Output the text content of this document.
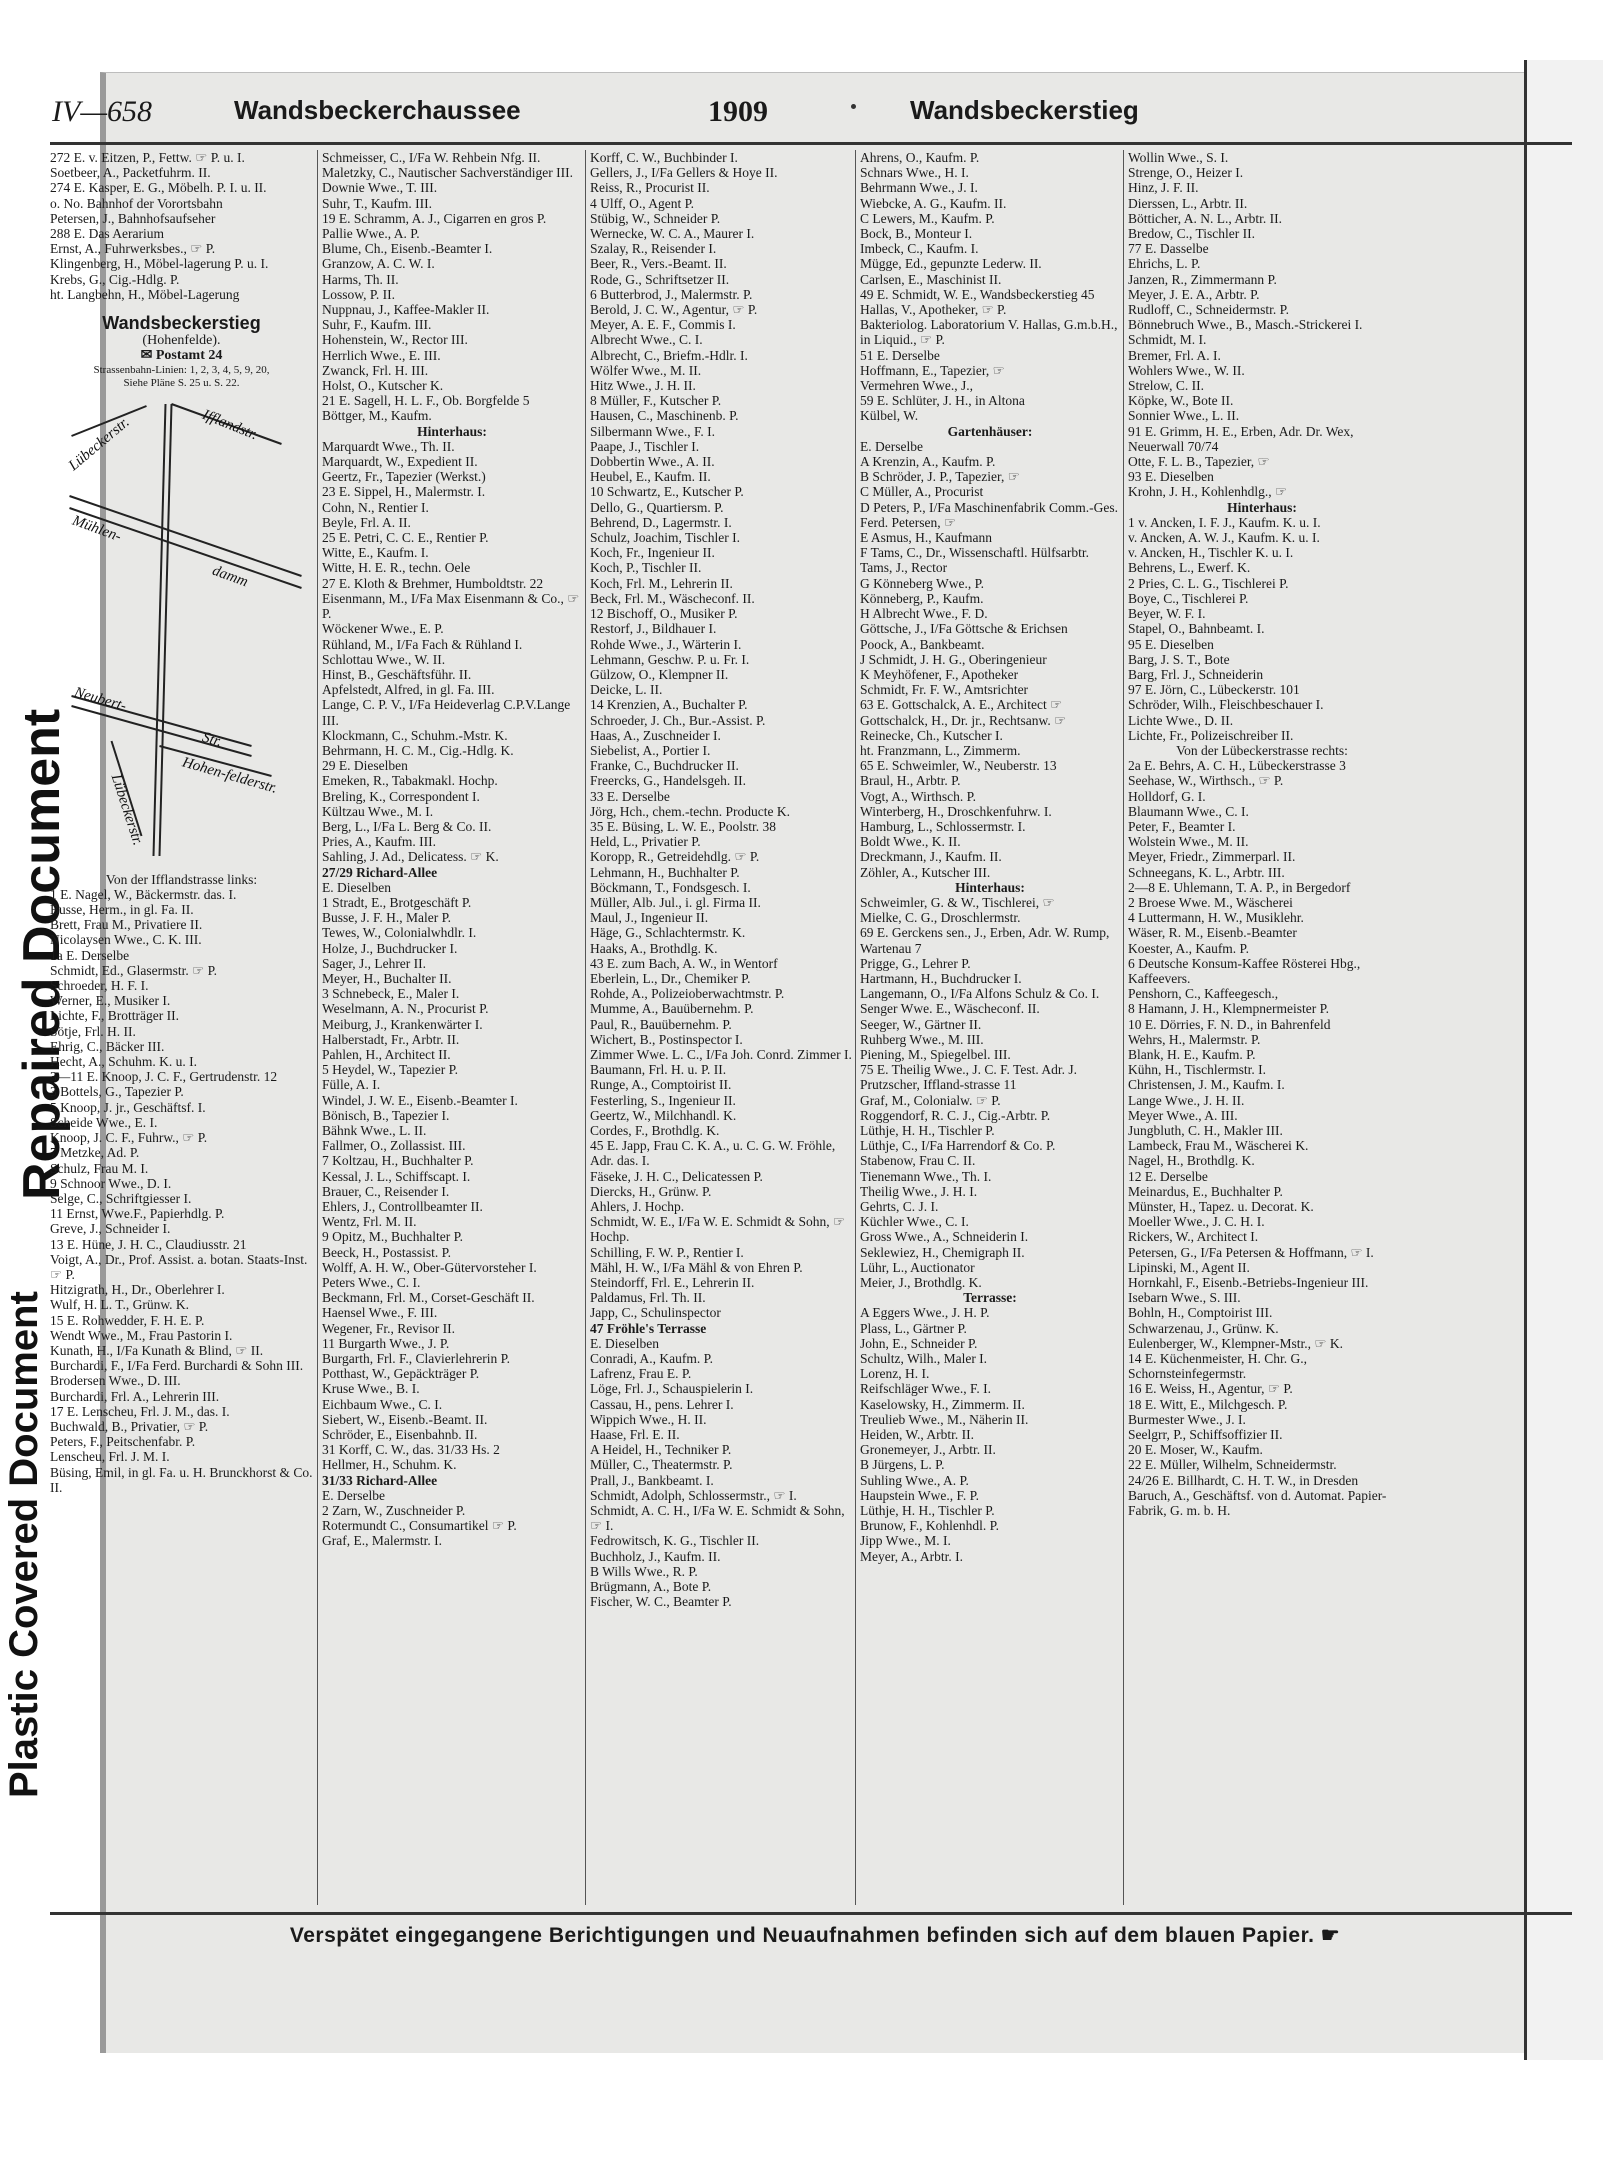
Repaired Document
Plastic Covered Document
IV—658	Wandsbeckerchaussee	1909	Wandsbeckerstieg
272 E. v. Eitzen, P., Fettw. ☞ P. u. I.
Soetbeer, A., Packetfuhrm. II.
274 E. Kasper, E. G., Möbelh. P. I. u. II.
o. No. Bahnhof der Vorortsbahn
Petersen, J., Bahnhofsaufseher
288 E. Das Aerarium
Ernst, A., Fuhrwerksbes., ☞ P.
Klingenberg, H., Möbel-lagerung P. u. I.
Krebs, G., Cig.-Hdlg. P.
ht. Langbehn, H., Möbel-Lagerung
Wandsbeckerstieg
(Hohenfelde).
✉ Postamt 24
Strassenbahn-Linien: 1, 2, 3, 4, 5, 9, 20,
Siehe Pläne S. 25 u. S. 22.
Ifflandstr.
Lübeckerstr.
Mühlen-
damm
Neubert-
Str.
Hohen-felderstr.
Lübeckerstr.
Von der Ifflandstrasse links:
1 E. Nagel, W., Bäckermstr. das. I.
Busse, Herm., in gl. Fa. II.
Brett, Frau M., Privatiere II.
Nicolaysen Wwe., C. K. III.
1a E. Derselbe
Schmidt, Ed., Glasermstr. ☞ P.
Schroeder, H. F. I.
Werner, E., Musiker I.
Lichte, F., Brotträger II.
Sötje, Frl. H. II.
Ehrig, C., Bäcker III.
Hecht, A., Schuhm. K. u. I.
3—11 E. Knoop, J. C. F., Gertrudenstr. 12
3 Bottels, G., Tapezier P.
5 Knoop, J. jr., Geschäftsf. I.
Scheide Wwe., E. I.
Knoop, J. C. F., Fuhrw., ☞ P.
7 Metzke, Ad. P.
Schulz, Frau M. I.
9 Schnoor Wwe., D. I.
Selge, C., Schriftgiesser I.
11 Ernst, Wwe.F., Papierhdlg. P.
Greve, J., Schneider I.
13 E. Hüne, J. H. C., Claudiusstr. 21
Voigt, A., Dr., Prof. Assist. a. botan. Staats-Inst. ☞ P.
Hitzigrath, H., Dr., Oberlehrer I.
Wulf, H. L. T., Grünw. K.
15 E. Rohwedder, F. H. E. P.
Wendt Wwe., M., Frau Pastorin I.
Kunath, H., I/Fa Kunath & Blind, ☞ II.
Burchardi, F., I/Fa Ferd. Burchardi & Sohn III.
Brodersen Wwe., D. III.
Burchardi, Frl. A., Lehrerin III.
17 E. Lenscheu, Frl. J. M., das. I.
Buchwald, B., Privatier, ☞ P.
Peters, F., Peitschenfabr. P.
Lenscheu, Frl. J. M. I.
Büsing, Emil, in gl. Fa. u. H. Brunckhorst & Co. II.
Schmeisser, C., I/Fa W. Rehbein Nfg. II.
Maletzky, C., Nautischer Sachverständiger III.
Downie Wwe., T. III.
Suhr, T., Kaufm. III.
19 E. Schramm, A. J., Cigarren en gros P.
Pallie Wwe., A. P.
Blume, Ch., Eisenb.-Beamter I.
Granzow, A. C. W. I.
Harms, Th. II.
Lossow, P. II.
Nuppnau, J., Kaffee-Makler II.
Suhr, F., Kaufm. III.
Hohenstein, W., Rector III.
Herrlich Wwe., E. III.
Zwanck, Frl. H. III.
Holst, O., Kutscher K.
21 E. Sagell, H. L. F., Ob. Borgfelde 5
Böttger, M., Kaufm.
Hinterhaus:
Marquardt Wwe., Th. II.
Marquardt, W., Expedient II.
Geertz, Fr., Tapezier (Werkst.)
23 E. Sippel, H., Malermstr. I.
Cohn, N., Rentier I.
Beyle, Frl. A. II.
25 E. Petri, C. C. E., Rentier P.
Witte, E., Kaufm. I.
Witte, H. E. R., techn. Oele
27 E. Kloth & Brehmer, Humboldtstr. 22
Eisenmann, M., I/Fa Max Eisenmann & Co., ☞ P.
Wöckener Wwe., E. P.
Rühland, M., I/Fa Fach & Rühland I.
Schlottau Wwe., W. II.
Hinst, B., Geschäftsführ. II.
Apfelstedt, Alfred, in gl. Fa. III.
Lange, C. P. V., I/Fa Heideverlag C.P.V.Lange III.
Klockmann, C., Schuhm.-Mstr. K.
Behrmann, H. C. M., Cig.-Hdlg. K.
29 E. Dieselben
Emeken, R., Tabakmakl. Hochp.
Breling, K., Correspondent I.
Kültzau Wwe., M. I.
Berg, L., I/Fa L. Berg & Co. II.
Pries, A., Kaufm. III.
Sahling, J. Ad., Delicatess. ☞ K.
27/29 Richard-Allee
E. Dieselben
1 Stradt, E., Brotgeschäft P.
Busse, J. F. H., Maler P.
Tewes, W., Colonialwhdlr. I.
Holze, J., Buchdrucker I.
Sager, J., Lehrer II.
Meyer, H., Buchalter II.
3 Schnebeck, E., Maler I.
Weselmann, A. N., Procurist P.
Meiburg, J., Krankenwärter I.
Halberstadt, Fr., Arbtr. II.
Pahlen, H., Architect II.
5 Heydel, W., Tapezier P.
Fülle, A. I.
Windel, J. W. E., Eisenb.-Beamter I.
Bönisch, B., Tapezier I.
Bähnk Wwe., L. II.
Fallmer, O., Zollassist. III.
7 Koltzau, H., Buchhalter P.
Kessal, J. L., Schiffscapt. I.
Brauer, C., Reisender I.
Ehlers, J., Controllbeamter II.
Wentz, Frl. M. II.
9 Opitz, M., Buchhalter P.
Beeck, H., Postassist. P.
Wolff, A. H. W., Ober-Gütervorsteher I.
Peters Wwe., C. I.
Beckmann, Frl. M., Corset-Geschäft II.
Haensel Wwe., F. III.
Wegener, Fr., Revisor II.
11 Burgarth Wwe., J. P.
Burgarth, Frl. F., Clavierlehrerin P.
Potthast, W., Gepäckträger P.
Kruse Wwe., B. I.
Eichbaum Wwe., C. I.
Siebert, W., Eisenb.-Beamt. II.
Schröder, E., Eisenbahnb. II.
31 Korff, C. W., das. 31/33 Hs. 2
Hellmer, H., Schuhm. K.
31/33 Richard-Allee
E. Derselbe
2 Zarn, W., Zuschneider P.
Rotermundt C., Consumartikel ☞ P.
Graf, E., Malermstr. I.
Korff, C. W., Buchbinder I.
Gellers, J., I/Fa Gellers & Hoye II.
Reiss, R., Procurist II.
4 Ulff, O., Agent P.
Stübig, W., Schneider P.
Wernecke, W. C. A., Maurer I.
Szalay, R., Reisender I.
Beer, R., Vers.-Beamt. II.
Rode, G., Schriftsetzer II.
6 Butterbrod, J., Malermstr. P.
Berold, J. C. W., Agentur, ☞ P.
Meyer, A. E. F., Commis I.
Albrecht Wwe., C. I.
Albrecht, C., Briefm.-Hdlr. I.
Wölfer Wwe., M. II.
Hitz Wwe., J. H. II.
8 Müller, F., Kutscher P.
Hausen, C., Maschinenb. P.
Silbermann Wwe., F. I.
Paape, J., Tischler I.
Dobbertin Wwe., A. II.
Heubel, E., Kaufm. II.
10 Schwartz, E., Kutscher P.
Dello, G., Quartiersm. P.
Behrend, D., Lagermstr. I.
Schulz, Joachim, Tischler I.
Koch, Fr., Ingenieur II.
Koch, P., Tischler II.
Koch, Frl. M., Lehrerin II.
Beck, Frl. M., Wäscheconf. II.
12 Bischoff, O., Musiker P.
Restorf, J., Bildhauer I.
Rohde Wwe., J., Wärterin I.
Lehmann, Geschw. P. u. Fr. I.
Gülzow, O., Klempner II.
Deicke, L. II.
14 Krenzien, A., Buchalter P.
Schroeder, J. Ch., Bur.-Assist. P.
Haas, A., Zuschneider I.
Siebelist, A., Portier I.
Franke, C., Buchdrucker II.
Freercks, G., Handelsgeh. II.
33 E. Derselbe
Jörg, Hch., chem.-techn. Producte K.
35 E. Büsing, L. W. E., Poolstr. 38
Held, L., Privatier P.
Koropp, R., Getreidehdlg. ☞ P.
Lehmann, H., Buchhalter P.
Böckmann, T., Fondsgesch. I.
Müller, Alb. Jul., i. gl. Firma II.
Maul, J., Ingenieur II.
Häge, G., Schlachtermstr. K.
Haaks, A., Brothdlg. K.
43 E. zum Bach, A. W., in Wentorf
Eberlein, L., Dr., Chemiker P.
Rohde, A., Polizeioberwachtmstr. P.
Mumme, A., Bauübernehm. P.
Paul, R., Bauübernehm. P.
Wichert, B., Postinspector I.
Zimmer Wwe. L. C., I/Fa Joh. Conrd. Zimmer I.
Baumann, Frl. H. u. P. II.
Runge, A., Comptoirist II.
Festerling, S., Ingenieur II.
Geertz, W., Milchhandl. K.
Cordes, F., Brothdlg. K.
45 E. Japp, Frau C. K. A., u. C. G. W. Fröhle, Adr. das. I.
Fäseke, J. H. C., Delicatessen P.
Diercks, H., Grünw. P.
Ahlers, J. Hochp.
Schmidt, W. E., I/Fa W. E. Schmidt & Sohn, ☞ Hochp.
Schilling, F. W. P., Rentier I.
Mähl, H. W., I/Fa Mähl & von Ehren P.
Steindorff, Frl. E., Lehrerin II.
Paldamus, Frl. Th. II.
Japp, C., Schulinspector
47 Fröhle's Terrasse
E. Dieselben
Conradi, A., Kaufm. P.
Lafrenz, Frau E. P.
Löge, Frl. J., Schauspielerin I.
Cassau, H., pens. Lehrer I.
Wippich Wwe., H. II.
Haase, Frl. E. II.
A Heidel, H., Techniker P.
Müller, C., Theatermstr. P.
Prall, J., Bankbeamt. I.
Schmidt, Adolph, Schlossermstr., ☞ I.
Schmidt, A. C. H., I/Fa W. E. Schmidt & Sohn, ☞ I.
Fedrowitsch, K. G., Tischler II.
Buchholz, J., Kaufm. II.
B Wills Wwe., R. P.
Brügmann, A., Bote P.
Fischer, W. C., Beamter P.
Ahrens, O., Kaufm. P.
Schnars Wwe., H. I.
Behrmann Wwe., J. I.
Wiebcke, A. G., Kaufm. II.
C Lewers, M., Kaufm. P.
Bock, B., Monteur I.
Imbeck, C., Kaufm. I.
Mügge, Ed., gepunzte Lederw. II.
Carlsen, E., Maschinist II.
49 E. Schmidt, W. E., Wandsbeckerstieg 45
Hallas, V., Apotheker, ☞ P.
Bakteriolog. Laboratorium V. Hallas, G.m.b.H., in Liquid., ☞ P.
51 E. Derselbe
Hoffmann, E., Tapezier, ☞
Vermehren Wwe., J.,
59 E. Schlüter, J. H., in Altona
Külbel, W.
Gartenhäuser:
E. Derselbe
A Krenzin, A., Kaufm. P.
B Schröder, J. P., Tapezier, ☞
C Müller, A., Procurist
D Peters, P., I/Fa Maschinenfabrik Comm.-Ges. Ferd. Petersen, ☞
E Asmus, H., Kaufmann
F Tams, C., Dr., Wissenschaftl. Hülfsarbtr.
Tams, J., Rector
G Könneberg Wwe., P.
Könneberg, P., Kaufm.
H Albrecht Wwe., F. D.
Göttsche, J., I/Fa Göttsche & Erichsen
Poock, A., Bankbeamt.
J Schmidt, J. H. G., Oberingenieur
K Meyhöfener, F., Apotheker
Schmidt, Fr. F. W., Amtsrichter
63 E. Gottschalck, A. E., Architect ☞
Gottschalck, H., Dr. jr., Rechtsanw. ☞
Reinecke, Ch., Kutscher I.
ht. Franzmann, L., Zimmerm.
65 E. Schweimler, W., Neuberstr. 13
Braul, H., Arbtr. P.
Vogt, A., Wirthsch. P.
Winterberg, H., Droschkenfuhrw. I.
Hamburg, L., Schlossermstr. I.
Boldt Wwe., K. II.
Dreckmann, J., Kaufm. II.
Zöhler, A., Kutscher III.
Hinterhaus:
Schweimler, G. & W., Tischlerei, ☞
Mielke, C. G., Droschlermstr.
69 E. Gerckens sen., J., Erben, Adr. W. Rump, Wartenau 7
Prigge, G., Lehrer P.
Hartmann, H., Buchdrucker I.
Langemann, O., I/Fa Alfons Schulz & Co. I.
Senger Wwe. E., Wäscheconf. II.
Seeger, W., Gärtner II.
Ruhberg Wwe., M. III.
Piening, M., Spiegelbel. III.
75 E. Theilig Wwe., J. C. F. Test. Adr. J. Prutzscher, Iffland-strasse 11
Graf, M., Colonialw. ☞ P.
Roggendorf, R. C. J., Cig.-Arbtr. P.
Lüthje, H. H., Tischler P.
Lüthje, C., I/Fa Harrendorf & Co. P.
Stabenow, Frau C. II.
Tienemann Wwe., Th. I.
Theilig Wwe., J. H. I.
Gehrts, C. J. I.
Küchler Wwe., C. I.
Gross Wwe., A., Schneiderin I.
Seklewiez, H., Chemigraph II.
Lühr, L., Auctionator
Meier, J., Brothdlg. K.
Terrasse:
A Eggers Wwe., J. H. P.
Plass, L., Gärtner P.
John, E., Schneider P.
Schultz, Wilh., Maler I.
Lorenz, H. I.
Reifschläger Wwe., F. I.
Kaselowsky, H., Zimmerm. II.
Treulieb Wwe., M., Näherin II.
Heiden, W., Arbtr. II.
Gronemeyer, J., Arbtr. II.
B Jürgens, L. P.
Suhling Wwe., A. P.
Haupstein Wwe., F. P.
Lüthje, H. H., Tischler P.
Brunow, F., Kohlenhdl. P.
Jipp Wwe., M. I.
Meyer, A., Arbtr. I.
Wollin Wwe., S. I.
Strenge, O., Heizer I.
Hinz, J. F. II.
Dierssen, L., Arbtr. II.
Bötticher, A. N. L., Arbtr. II.
Bredow, C., Tischler II.
77 E. Dasselbe
Ehrichs, L. P.
Janzen, R., Zimmermann P.
Meyer, J. E. A., Arbtr. P.
Rudloff, C., Schneidermstr. P.
Bönnebruch Wwe., B., Masch.-Strickerei I.
Schmidt, M. I.
Bremer, Frl. A. I.
Wohlers Wwe., W. II.
Strelow, C. II.
Köpke, W., Bote II.
Sonnier Wwe., L. II.
91 E. Grimm, H. E., Erben, Adr. Dr. Wex, Neuerwall 70/74
Otte, F. L. B., Tapezier, ☞
93 E. Dieselben
Krohn, J. H., Kohlenhdlg., ☞
Hinterhaus:
1 v. Ancken, I. F. J., Kaufm. K. u. I.
v. Ancken, A. W. J., Kaufm. K. u. I.
v. Ancken, H., Tischler K. u. I.
Behrens, L., Ewerf. K.
2 Pries, C. L. G., Tischlerei P.
Boye, C., Tischlerei P.
Beyer, W. F. I.
Stapel, O., Bahnbeamt. I.
95 E. Dieselben
Barg, J. S. T., Bote
Barg, Frl. J., Schneiderin
97 E. Jörn, C., Lübeckerstr. 101
Schröder, Wilh., Fleischbeschauer I.
Lichte Wwe., D. II.
Lichte, Fr., Polizeischreiber II.
Von der Lübeckerstrasse rechts:
2a E. Behrs, A. C. H., Lübeckerstrasse 3
Seehase, W., Wirthsch., ☞ P.
Holldorf, G. I.
Blaumann Wwe., C. I.
Peter, F., Beamter I.
Wolstein Wwe., M. II.
Meyer, Friedr., Zimmerparl. II.
Schneegans, K. L., Arbtr. III.
2—8 E. Uhlemann, T. A. P., in Bergedorf
2 Broese Wwe. M., Wäscherei
4 Luttermann, H. W., Musiklehr.
Wäser, R. M., Eisenb.-Beamter
Koester, A., Kaufm. P.
6 Deutsche Konsum-Kaffee Rösterei Hbg., Kaffeevers.
Penshorn, C., Kaffeegesch.,
8 Hamann, J. H., Klempnermeister P.
10 E. Dörries, F. N. D., in Bahrenfeld
Wehrs, H., Malermstr. P.
Blank, H. E., Kaufm. P.
Kühn, H., Tischlermstr. I.
Christensen, J. M., Kaufm. I.
Lange Wwe., J. H. II.
Meyer Wwe., A. III.
Jungbluth, C. H., Makler III.
Lambeck, Frau M., Wäscherei K.
Nagel, H., Brothdlg. K.
12 E. Derselbe
Meinardus, E., Buchhalter P.
Münster, H., Tapez. u. Decorat. K.
Moeller Wwe., J. C. H. I.
Rickers, W., Architect I.
Petersen, G., I/Fa Petersen & Hoffmann, ☞ I.
Lipinski, M., Agent II.
Hornkahl, F., Eisenb.-Betriebs-Ingenieur III.
Isebarn Wwe., S. III.
Bohln, H., Comptoirist III.
Schwarzenau, J., Grünw. K.
Eulenberger, W., Klempner-Mstr., ☞ K.
14 E. Küchenmeister, H. Chr. G., Schornsteinfegermstr.
16 E. Weiss, H., Agentur, ☞ P.
18 E. Witt, E., Milchgesch. P.
Burmester Wwe., J. I.
Seelgrr, P., Schiffsoffizier II.
20 E. Moser, W., Kaufm.
22 E. Müller, Wilhelm, Schneidermstr.
24/26 E. Billhardt, C. H. T. W., in Dresden
Baruch, A., Geschäftsf. von d. Automat. Papier-Fabrik, G. m. b. H.
Verspätet eingegangene Berichtigungen und Neuaufnahmen befinden sich auf dem blauen Papier. ☛
